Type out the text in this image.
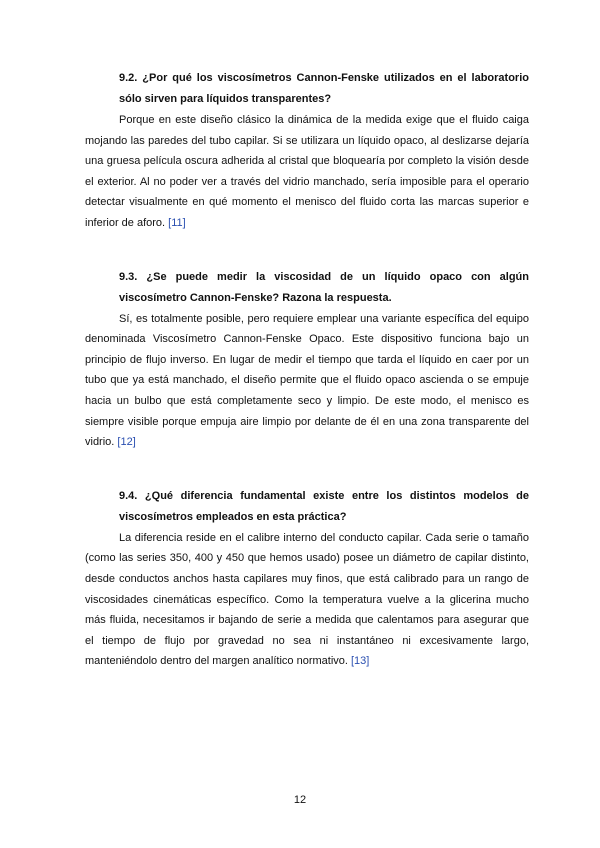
9.2. ¿Por qué los viscosímetros Cannon-Fenske utilizados en el laboratorio sólo sirven para líquidos transparentes?

Porque en este diseño clásico la dinámica de la medida exige que el fluido caiga mojando las paredes del tubo capilar. Si se utilizara un líquido opaco, al deslizarse dejaría una gruesa película oscura adherida al cristal que bloquearía por completo la visión desde el exterior. Al no poder ver a través del vidrio manchado, sería imposible para el operario detectar visualmente en qué momento el menisco del fluido corta las marcas superior e inferior de aforo. [11]

9.3. ¿Se puede medir la viscosidad de un líquido opaco con algún viscosímetro Cannon-Fenske? Razona la respuesta.

Sí, es totalmente posible, pero requiere emplear una variante específica del equipo denominada Viscosímetro Cannon-Fenske Opaco. Este dispositivo funciona bajo un principio de flujo inverso. En lugar de medir el tiempo que tarda el líquido en caer por un tubo que ya está manchado, el diseño permite que el fluido opaco ascienda o se empuje hacia un bulbo que está completamente seco y limpio. De este modo, el menisco es siempre visible porque empuja aire limpio por delante de él en una zona transparente del vidrio. [12]

9.4. ¿Qué diferencia fundamental existe entre los distintos modelos de viscosímetros empleados en esta práctica?

La diferencia reside en el calibre interno del conducto capilar. Cada serie o tamaño (como las series 350, 400 y 450 que hemos usado) posee un diámetro de capilar distinto, desde conductos anchos hasta capilares muy finos, que está calibrado para un rango de viscosidades cinemáticas específico. Como la temperatura vuelve a la glicerina mucho más fluida, necesitamos ir bajando de serie a medida que calentamos para asegurar que el tiempo de flujo por gravedad no sea ni instantáneo ni excesivamente largo, manteniéndolo dentro del margen analítico normativo. [13]

12
